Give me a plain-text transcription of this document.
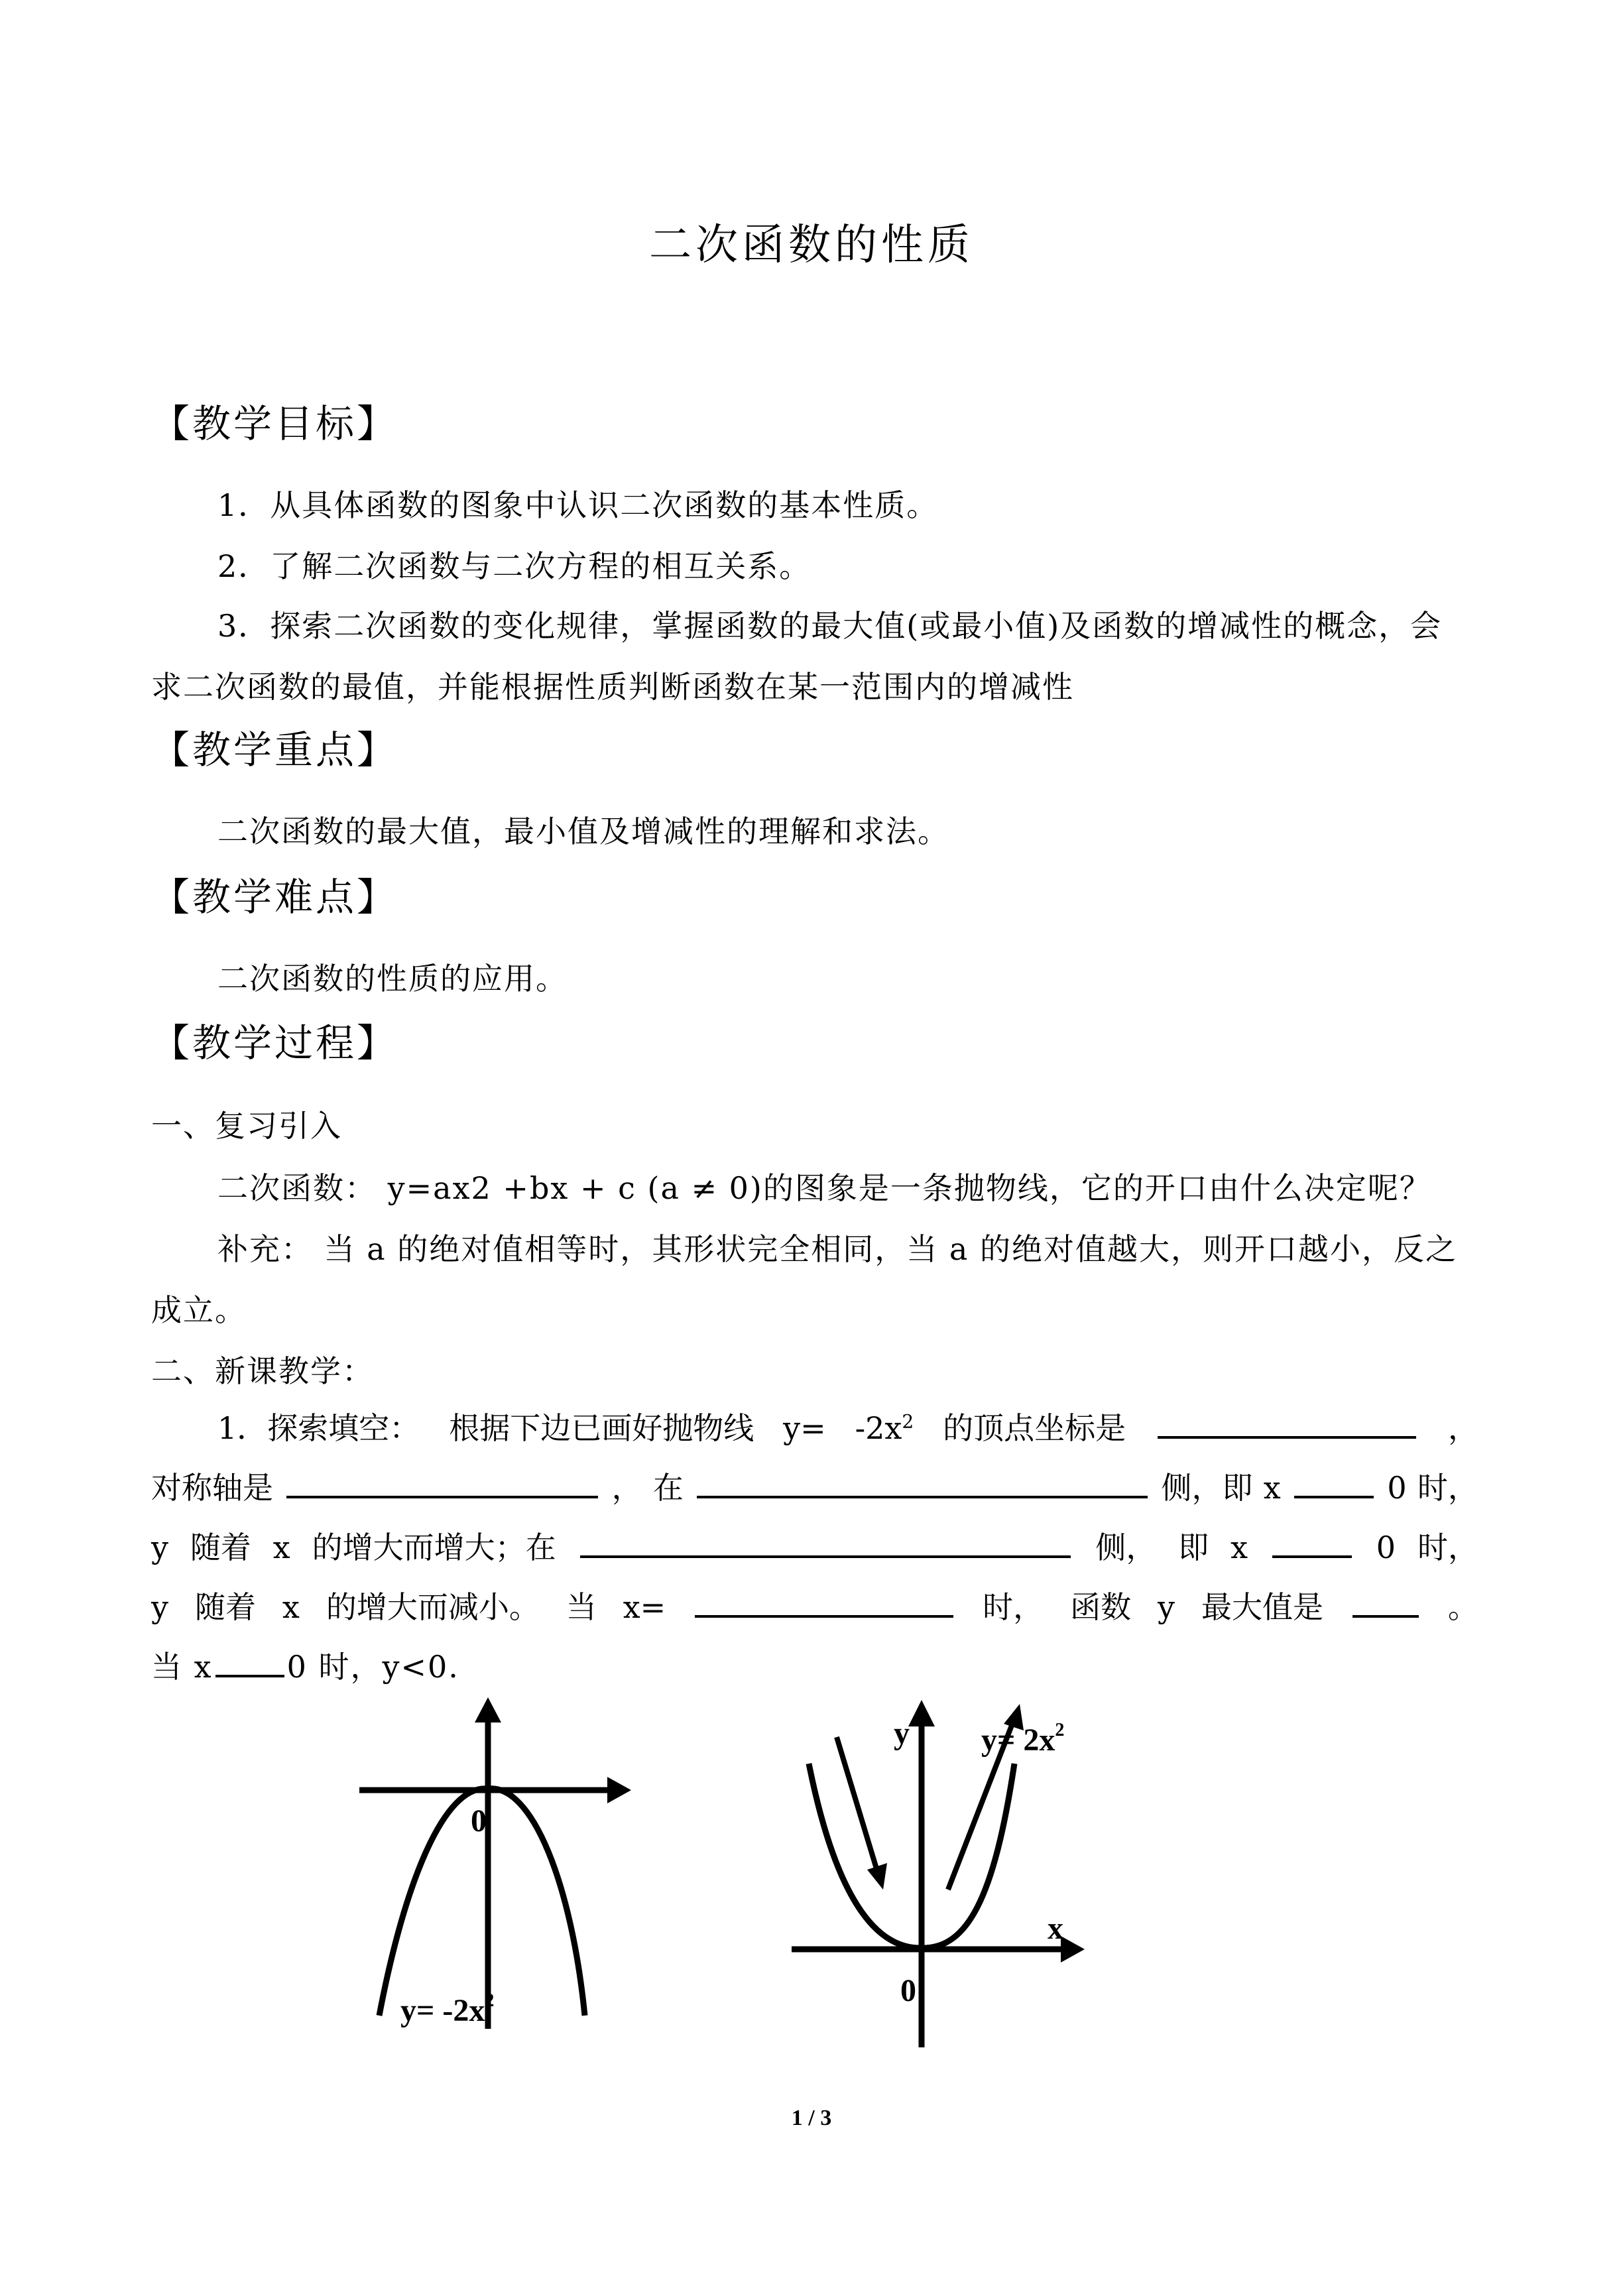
二次函数的性质
【教学目标】
1．从具体函数的图象中认识二次函数的基本性质。
2．了解二次函数与二次方程的相互关系。
3．探索二次函数的变化规律，掌握函数的最大值(或最小值)及函数的增减性的概念，会
求二次函数的最值，并能根据性质判断函数在某一范围内的增减性
【教学重点】
二次函数的最大值，最小值及增减性的理解和求法。
【教学难点】
二次函数的性质的应用。
【教学过程】
一、复习引入
二次函数： y=ax2 +bx + c (a ≠ 0)的图象是一条抛物线，它的开口由什么决定呢？
补充： 当 a 的绝对值相等时，其形状完全相同，当 a 的绝对值越大，则开口越小，反之
成立。
二、新课教学：
1．探索填空： 根据下边已画好抛物线 $y= -2x^2$ 的顶点坐标是	，
对称轴是	， 在	侧，即 x	0 时，
y 随着 x 的增大而增大；在	侧， 即 x	0 时，
y 随着 x 的增大而减小。 当 x=	时， 函数 y 最大值是	。
当 x 0 时，y<0.
0
$y= -2x^2$
y $y= 2x^2$
x
0
1 / 3
